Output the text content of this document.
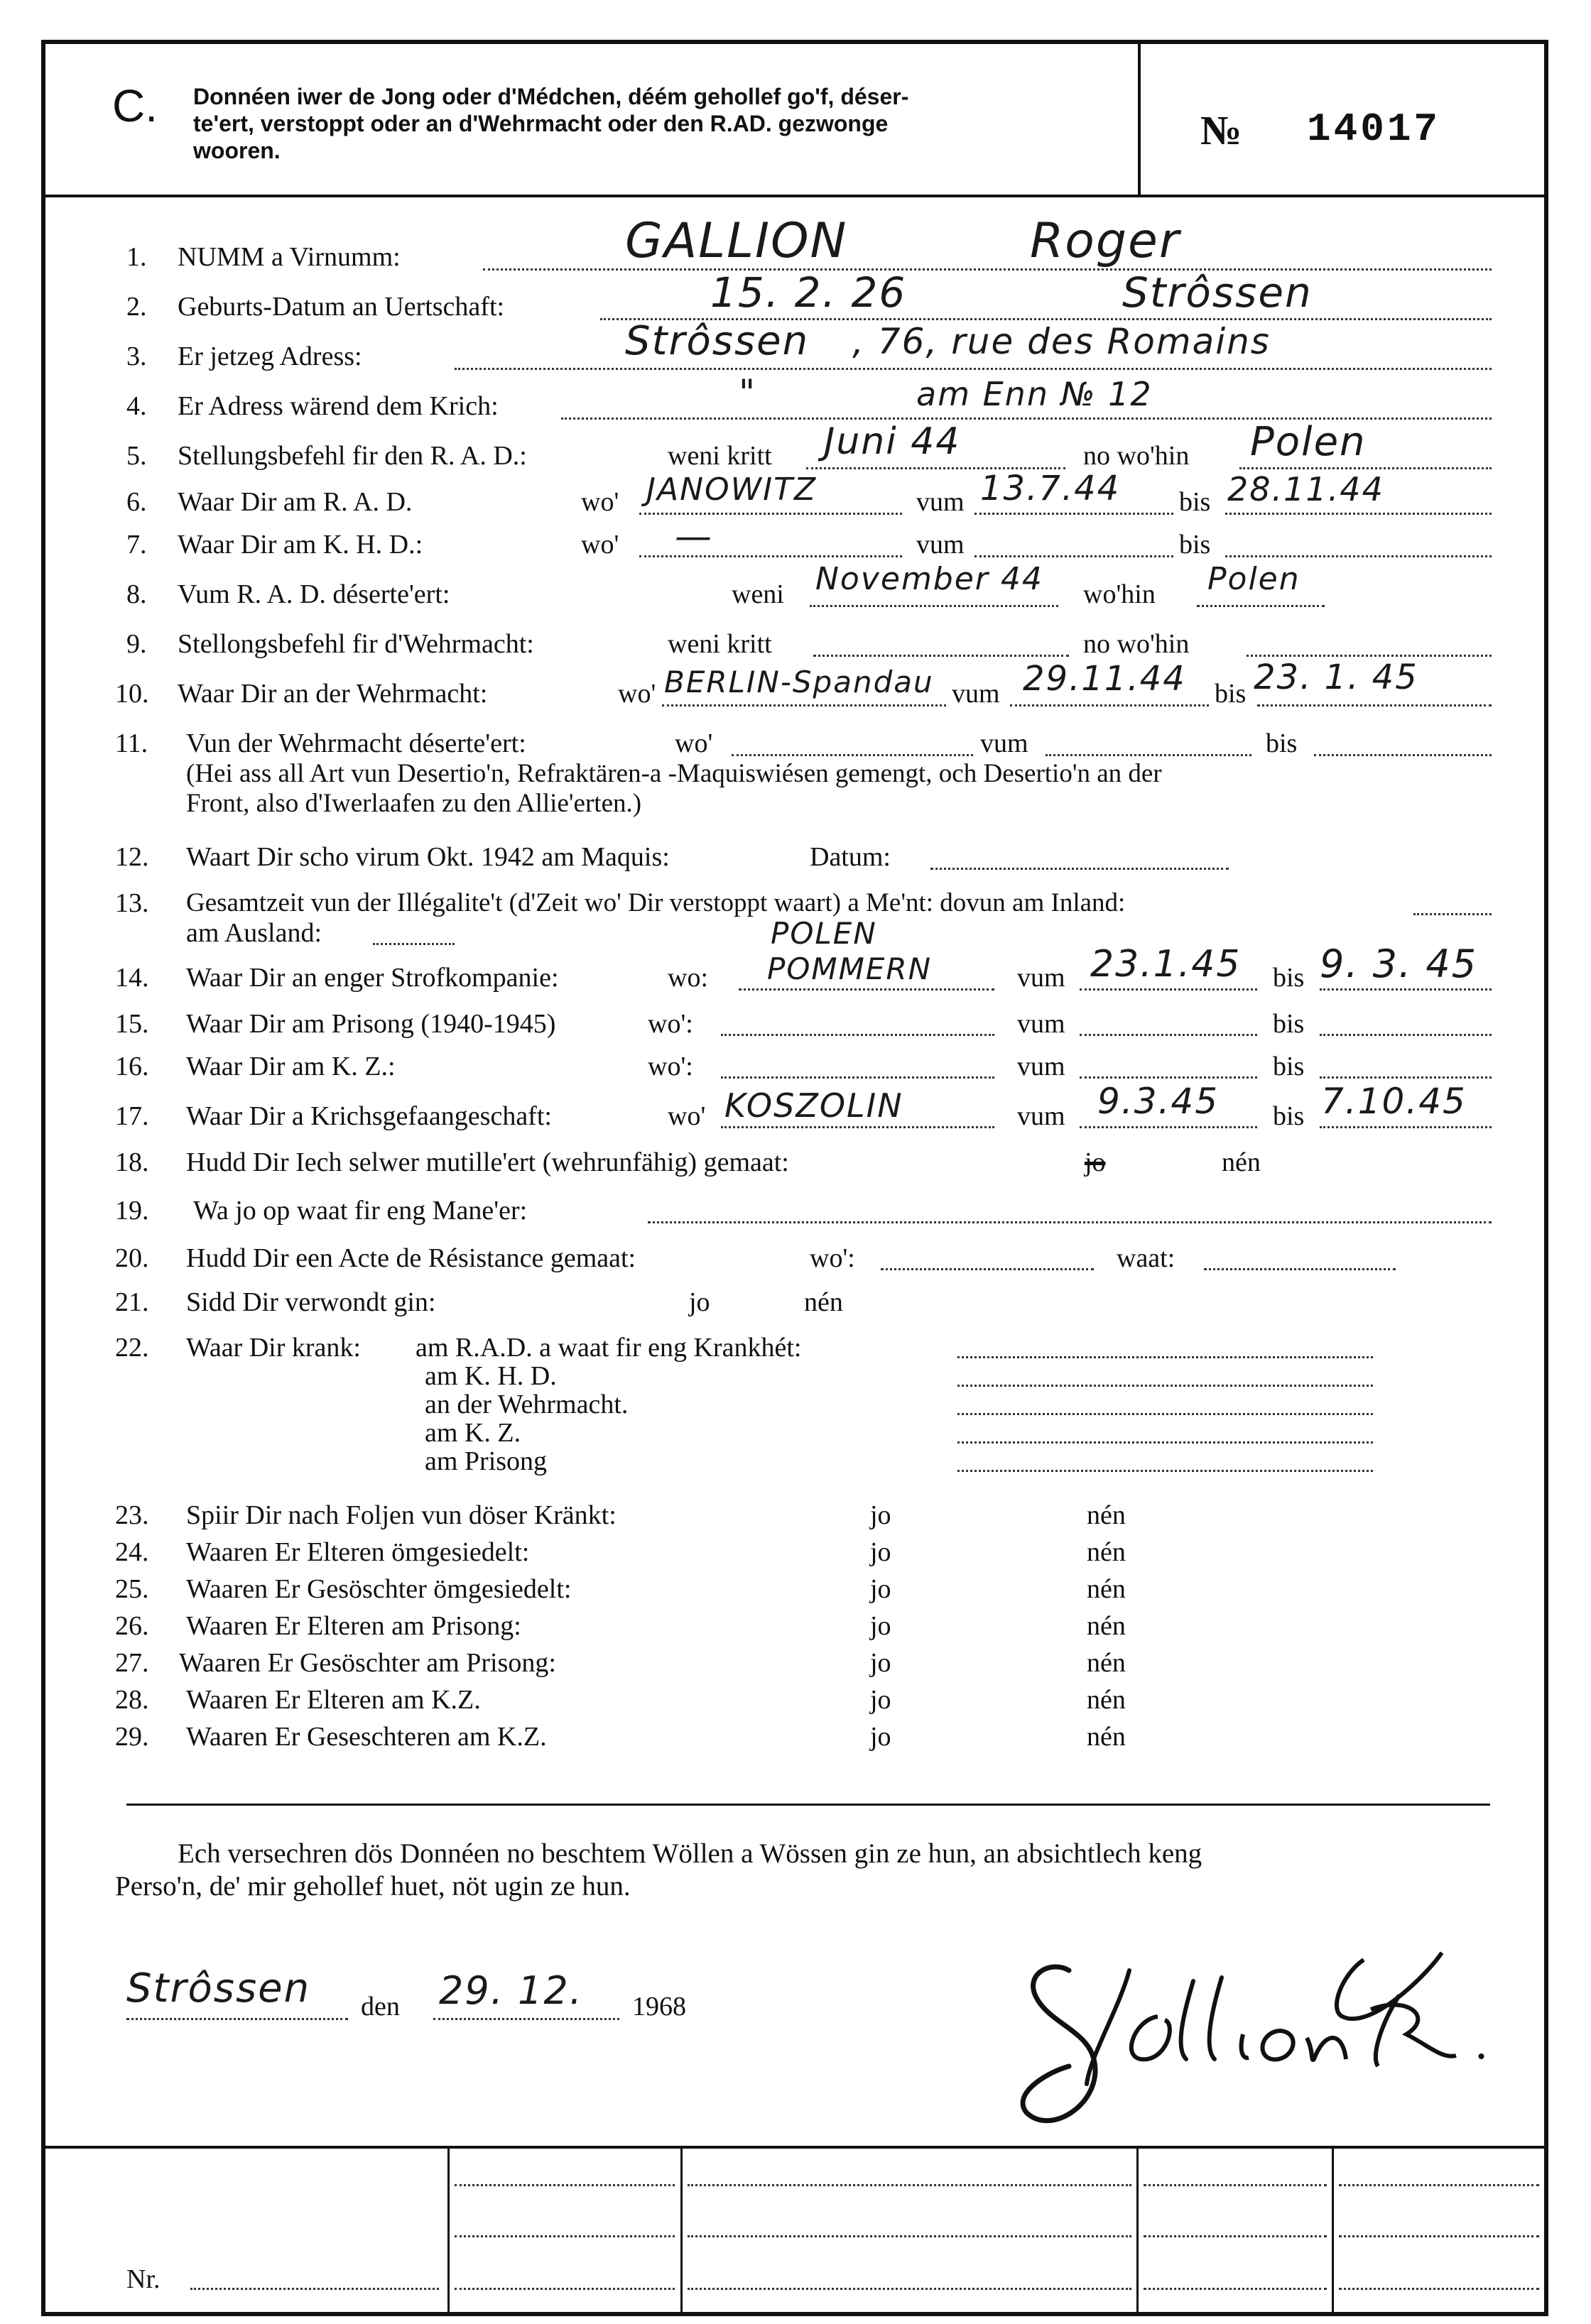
C. Donnéen iwer de Jong oder d'Médchen, déém gehollef go'f, déser-
te'ert, verstoppt oder an d'Wehrmacht oder den R.AD. gezwonge
wooren.	№ 14017
1. NUMM a Virnumm:	GALLION	Roger
2. Geburts-Datum an Uertschaft:	15. 2. 26	Strôssen
3. Er jetzeg Adress:	Strôssen , 76, rue des Romains
4. Er Adress wärend dem Krich:	"	am Enn № 12
5. Stellungsbefehl fir den R. A. D.:	weni kritt Juni 44	no wo'hin Polen
6. Waar Dir am R. A. D.	wo' JANOWITZ	vum 13.7.44 bis 28.11.44
7. Waar Dir am K. H. D.:	wo' —	vum	bis
8. Vum R. A. D. déserte'ert:	weni November 44 wo'hin Polen
9. Stellongsbefehl fir d'Wehrmacht:	weni kritt	no wo'hin
10. Waar Dir an der Wehrmacht:	wo' BERLIN-Spandau vum 29.11.44 bis 23. 1. 45
11. Vun der Wehrmacht déserte'ert:	wo'	vum	bis
(Hei ass all Art vun Desertio'n, Refraktären-a -Maquiswiésen gemengt, och Desertio'n an der
Front, also d'Iwerlaafen zu den Allie'erten.)
12. Waart Dir scho virum Okt. 1942 am Maquis:	Datum:
13. Gesamtzeit vun der Illégalite't (d'Zeit wo' Dir verstoppt waart) a Me'nt: dovun am Inland:
am Ausland:
14. Waar Dir an enger Strofkompanie:	wo:
POLEN
POMMERN	vum 23.1.45 bis 9. 3. 45
15. Waar Dir am Prisong (1940-1945)	wo':	vum	bis
16. Waar Dir am K. Z.:	wo':	vum	bis
17. Waar Dir a Krichsgefaangeschaft:	wo' KOSZOLIN	vum 9.3.45 bis 7.10.45
18. Hudd Dir Iech selwer mutille'ert (wehrunfähig) gemaat:	jo	nén
19. Wa jo op waat fir eng Mane'er:
20. Hudd Dir een Acte de Résistance gemaat:	wo':	waat:
21. Sidd Dir verwondt gin:	jo	nén
22. Waar Dir krank: am R.A.D. a waat fir eng Krankhét:
am K. H. D.
an der Wehrmacht.
am K. Z.
am Prisong
23. Spiir Dir nach Foljen vun döser Kränkt:	jo	nén
24. Waaren Er Elteren ömgesiedelt:	jo	nén
25. Waaren Er Gesöschter ömgesiedelt:	jo	nén
26. Waaren Er Elteren am Prisong:	jo	nén
27. Waaren Er Gesöschter am Prisong:	jo	nén
28. Waaren Er Elteren am K.Z.	jo	nén
29. Waaren Er Geseschteren am K.Z.	jo	nén
Ech versechren dös Donnéen no beschtem Wöllen a Wössen gin ze hun, an absichtlech keng
Perso'n, de' mir gehollef huet, nöt ugin ze hun.
Strôssen den 29. 12. 1968
Nr.
